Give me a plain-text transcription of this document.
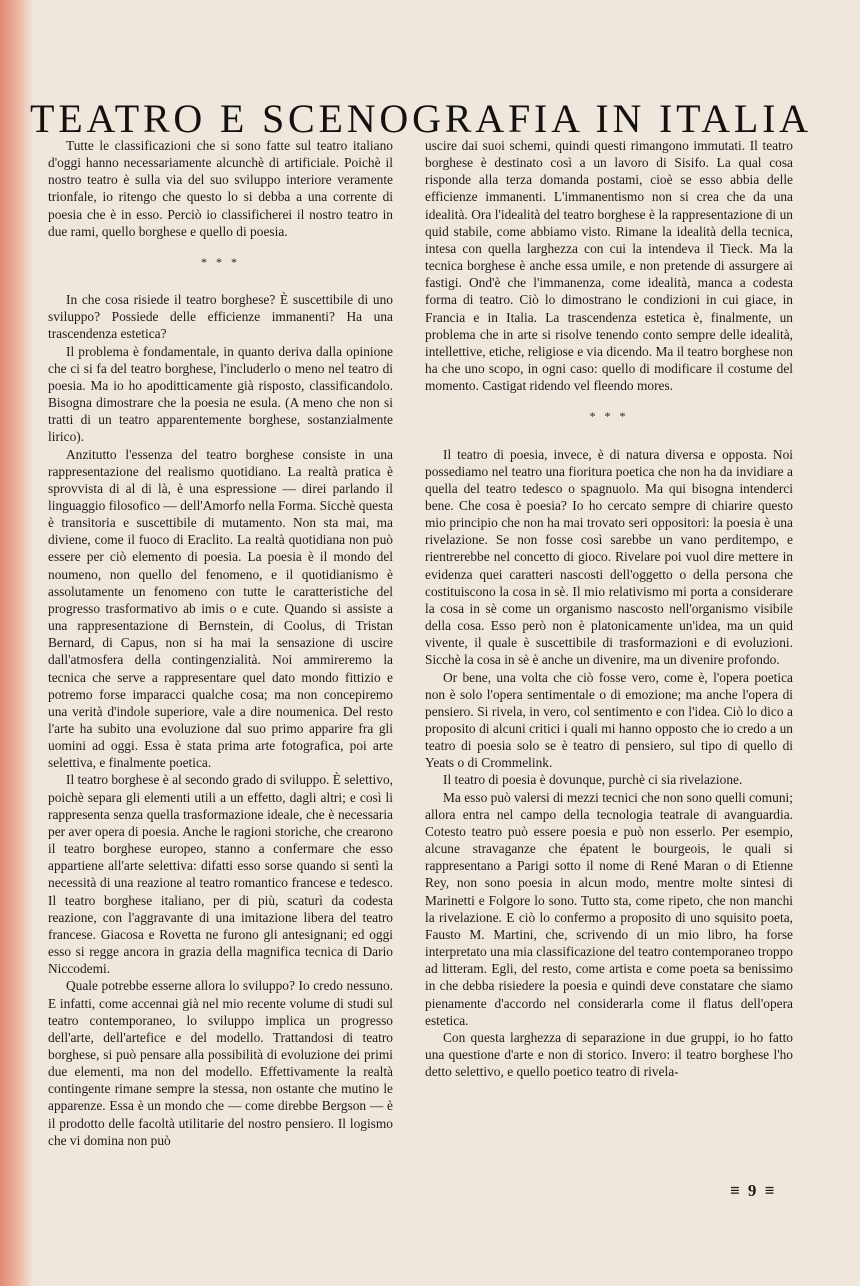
TEATRO E SCENOGRAFIA IN ITALIA

Tutte le classificazioni che si sono fatte sul teatro italiano d'oggi hanno necessariamente alcunchè di artificiale. Poichè il nostro teatro è sulla via del suo sviluppo interiore veramente trionfale, io ritengo che questo lo si debba a una corrente di poesia che è in esso. Perciò io classificherei il nostro teatro in due rami, quello borghese e quello di poesia.

* * *

In che cosa risiede il teatro borghese? È suscettibile di uno sviluppo? Possiede delle efficienze immanenti? Ha una trascendenza estetica?

Il problema è fondamentale, in quanto deriva dalla opinione che ci si fa del teatro borghese, l'includerlo o meno nel teatro di poesia. Ma io ho apoditticamente già risposto, classificandolo. Bisogna dimostrare che la poesia ne esula. (A meno che non si tratti di un teatro apparentemente borghese, sostanzialmente lirico).

Anzitutto l'essenza del teatro borghese consiste in una rappresentazione del realismo quotidiano. La realtà pratica è sprovvista di al di là, è una espressione — direi parlando il linguaggio filosofico — dell'Amorfo nella Forma. Sicchè questa è transitoria e suscettibile di mutamento. Non sta mai, ma diviene, come il fuoco di Eraclito. La realtà quotidiana non può essere per ciò elemento di poesia. La poesia è il mondo del noumeno, non quello del fenomeno, e il quotidianismo è assolutamente un fenomeno con tutte le caratteristiche del progresso trasformativo ab imis o e cute. Quando si assiste a una rappresentazione di Bernstein, di Coolus, di Tristan Bernard, di Capus, non si ha mai la sensazione di uscire dall'atmosfera della contingenzialità. Noi ammireremo la tecnica che serve a rappresentare quel dato mondo fittizio e potremo forse imparacci qualche cosa; ma non concepiremo una verità d'indole superiore, vale a dire noumenica. Del resto l'arte ha subito una evoluzione dal suo primo apparire fra gli uomini ad oggi. Essa è stata prima arte fotografica, poi arte selettiva, e finalmente poetica.

Il teatro borghese è al secondo grado di sviluppo. È selettivo, poichè separa gli elementi utili a un effetto, dagli altri; e così li rappresenta senza quella trasformazione ideale, che è necessaria per aver opera di poesia. Anche le ragioni storiche, che crearono il teatro borghese europeo, stanno a confermare che esso appartiene all'arte selettiva: difatti esso sorse quando si sentì la necessità di una reazione al teatro romantico francese e tedesco. Il teatro borghese italiano, per di più, scaturì da codesta reazione, con l'aggravante di una imitazione libera del teatro francese. Giacosa e Rovetta ne furono gli antesignani; ed oggi esso si regge ancora in grazia della magnifica tecnica di Dario Niccodemi.

Quale potrebbe esserne allora lo sviluppo? Io credo nessuno. E infatti, come accennai già nel mio recente volume di studi sul teatro contemporaneo, lo sviluppo implica un progresso dell'arte, dell'artefice e del modello. Trattandosi di teatro borghese, si può pensare alla possibilità di evoluzione dei primi due elementi, ma non del modello. Effettivamente la realtà contingente rimane sempre la stessa, non ostante che mutino le apparenze. Essa è un mondo che — come direbbe Bergson — è il prodotto delle facoltà utilitarie del nostro pensiero. Il logismo che vi domina non può

uscire dai suoi schemi, quindi questi rimangono immutati. Il teatro borghese è destinato così a un lavoro di Sisifo. La qual cosa risponde alla terza domanda postami, cioè se esso abbia delle efficienze immanenti. L'immanentismo non si crea che da una idealità. Ora l'idealità del teatro borghese è la rappresentazione di un quid stabile, come abbiamo visto. Rimane la idealità della tecnica, intesa con quella larghezza con cui la intendeva il Tieck. Ma la tecnica borghese è anche essa umile, e non pretende di assurgere ai fastigi. Ond'è che l'immanenza, come idealità, manca a codesta forma di teatro. Ciò lo dimostrano le condizioni in cui giace, in Francia e in Italia. La trascendenza estetica è, finalmente, un problema che in arte si risolve tenendo conto sempre delle idealità, intellettive, etiche, religiose e via dicendo. Ma il teatro borghese non ha che uno scopo, in ogni caso: quello di modificare il costume del momento. Castigat ridendo vel fleendo mores.

* * *

Il teatro di poesia, invece, è di natura diversa e opposta. Noi possediamo nel teatro una fioritura poetica che non ha da invidiare a quella del teatro tedesco o spagnuolo. Ma qui bisogna intenderci bene. Che cosa è poesia? Io ho cercato sempre di chiarire questo mio principio che non ha mai trovato seri oppositori: la poesia è una rivelazione. Se non fosse così sarebbe un vano perditempo, e rientrerebbe nel concetto di gioco. Rivelare poi vuol dire mettere in evidenza quei caratteri nascosti dell'oggetto o della persona che costituiscono la cosa in sè. Il mio relativismo mi porta a considerare la cosa in sè come un organismo nascosto nell'organismo visibile della cosa. Esso però non è platonicamente un'idea, ma un quid vivente, il quale è suscettibile di trasformazioni e di evoluzioni. Sicchè la cosa in sè è anche un divenire, ma un divenire profondo.

Or bene, una volta che ciò fosse vero, come è, l'opera poetica non è solo l'opera sentimentale o di emozione; ma anche l'opera di pensiero. Si rivela, in vero, col sentimento e con l'idea. Ciò lo dico a proposito di alcuni critici i quali mi hanno opposto che io credo a un teatro di poesia solo se è teatro di pensiero, sul tipo di quello di Yeats o di Crommelink.

Il teatro di poesia è dovunque, purchè ci sia rivelazione.

Ma esso può valersi di mezzi tecnici che non sono quelli comuni; allora entra nel campo della tecnologia teatrale di avanguardia. Cotesto teatro può essere poesia e può non esserlo. Per esempio, alcune stravaganze che épatent le bourgeois, le quali si rappresentano a Parigi sotto il nome di René Maran o di Etienne Rey, non sono poesia in alcun modo, mentre molte sintesi di Marinetti e Folgore lo sono. Tutto sta, come ripeto, che non manchi la rivelazione. E ciò lo confermo a proposito di uno squisito poeta, Fausto M. Martini, che, scrivendo di un mio libro, ha forse interpretato una mia classificazione del teatro contemporaneo troppo ad litteram. Egli, del resto, come artista e come poeta sa benissimo in che debba risiedere la poesia e quindi deve constatare che siamo pienamente d'accordo nel considerarla come il flatus dell'opera estetica.

Con questa larghezza di separazione in due gruppi, io ho fatto una questione d'arte e non di storico. Invero: il teatro borghese l'ho detto selettivo, e quello poetico teatro di rivela-

≡ 9 ≡
